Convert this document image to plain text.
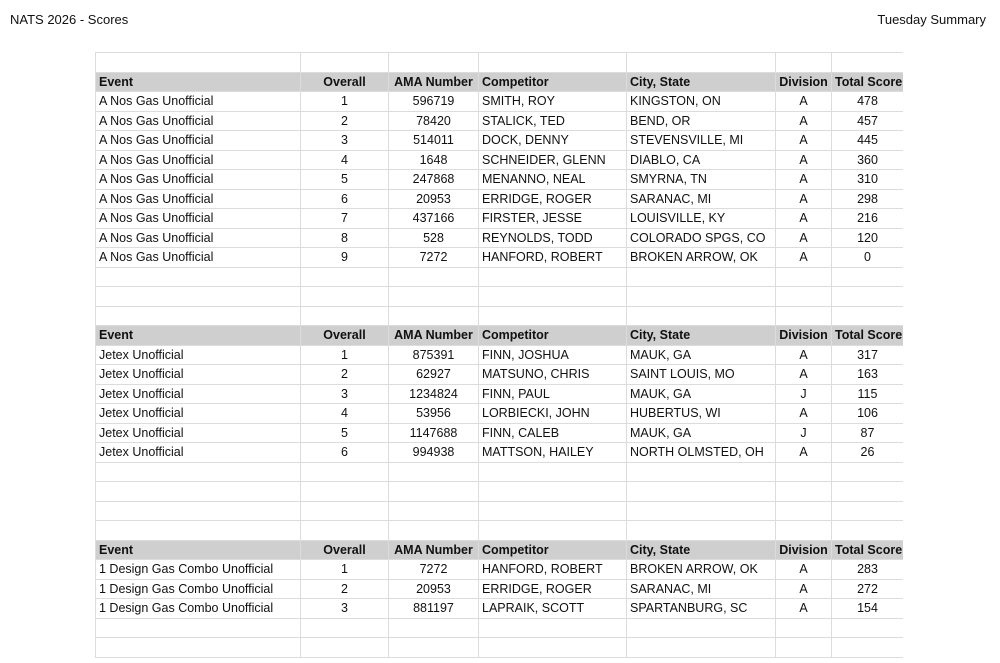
NATS 2026 - Scores	Tuesday Summary

Event	Overall	AMA Number	Competitor	City, State	Division	Total Score
A Nos Gas Unofficial	1	596719	SMITH, ROY	KINGSTON, ON	A	478
A Nos Gas Unofficial	2	78420	STALICK, TED	BEND, OR	A	457
A Nos Gas Unofficial	3	514011	DOCK, DENNY	STEVENSVILLE, MI	A	445
A Nos Gas Unofficial	4	1648	SCHNEIDER, GLENN	DIABLO, CA	A	360
A Nos Gas Unofficial	5	247868	MENANNO, NEAL	SMYRNA, TN	A	310
A Nos Gas Unofficial	6	20953	ERRIDGE, ROGER	SARANAC, MI	A	298
A Nos Gas Unofficial	7	437166	FIRSTER, JESSE	LOUISVILLE, KY	A	216
A Nos Gas Unofficial	8	528	REYNOLDS, TODD	COLORADO SPGS, CO	A	120
A Nos Gas Unofficial	9	7272	HANFORD, ROBERT	BROKEN ARROW, OK	A	0

Event	Overall	AMA Number	Competitor	City, State	Division	Total Score
Jetex Unofficial	1	875391	FINN, JOSHUA	MAUK, GA	A	317
Jetex Unofficial	2	62927	MATSUNO, CHRIS	SAINT LOUIS, MO	A	163
Jetex Unofficial	3	1234824	FINN, PAUL	MAUK, GA	J	115
Jetex Unofficial	4	53956	LORBIECKI, JOHN	HUBERTUS, WI	A	106
Jetex Unofficial	5	1147688	FINN, CALEB	MAUK, GA	J	87
Jetex Unofficial	6	994938	MATTSON, HAILEY	NORTH OLMSTED, OH	A	26

Event	Overall	AMA Number	Competitor	City, State	Division	Total Score
1 Design Gas Combo Unofficial	1	7272	HANFORD, ROBERT	BROKEN ARROW, OK	A	283
1 Design Gas Combo Unofficial	2	20953	ERRIDGE, ROGER	SARANAC, MI	A	272
1 Design Gas Combo Unofficial	3	881197	LAPRAIK, SCOTT	SPARTANBURG, SC	A	154
